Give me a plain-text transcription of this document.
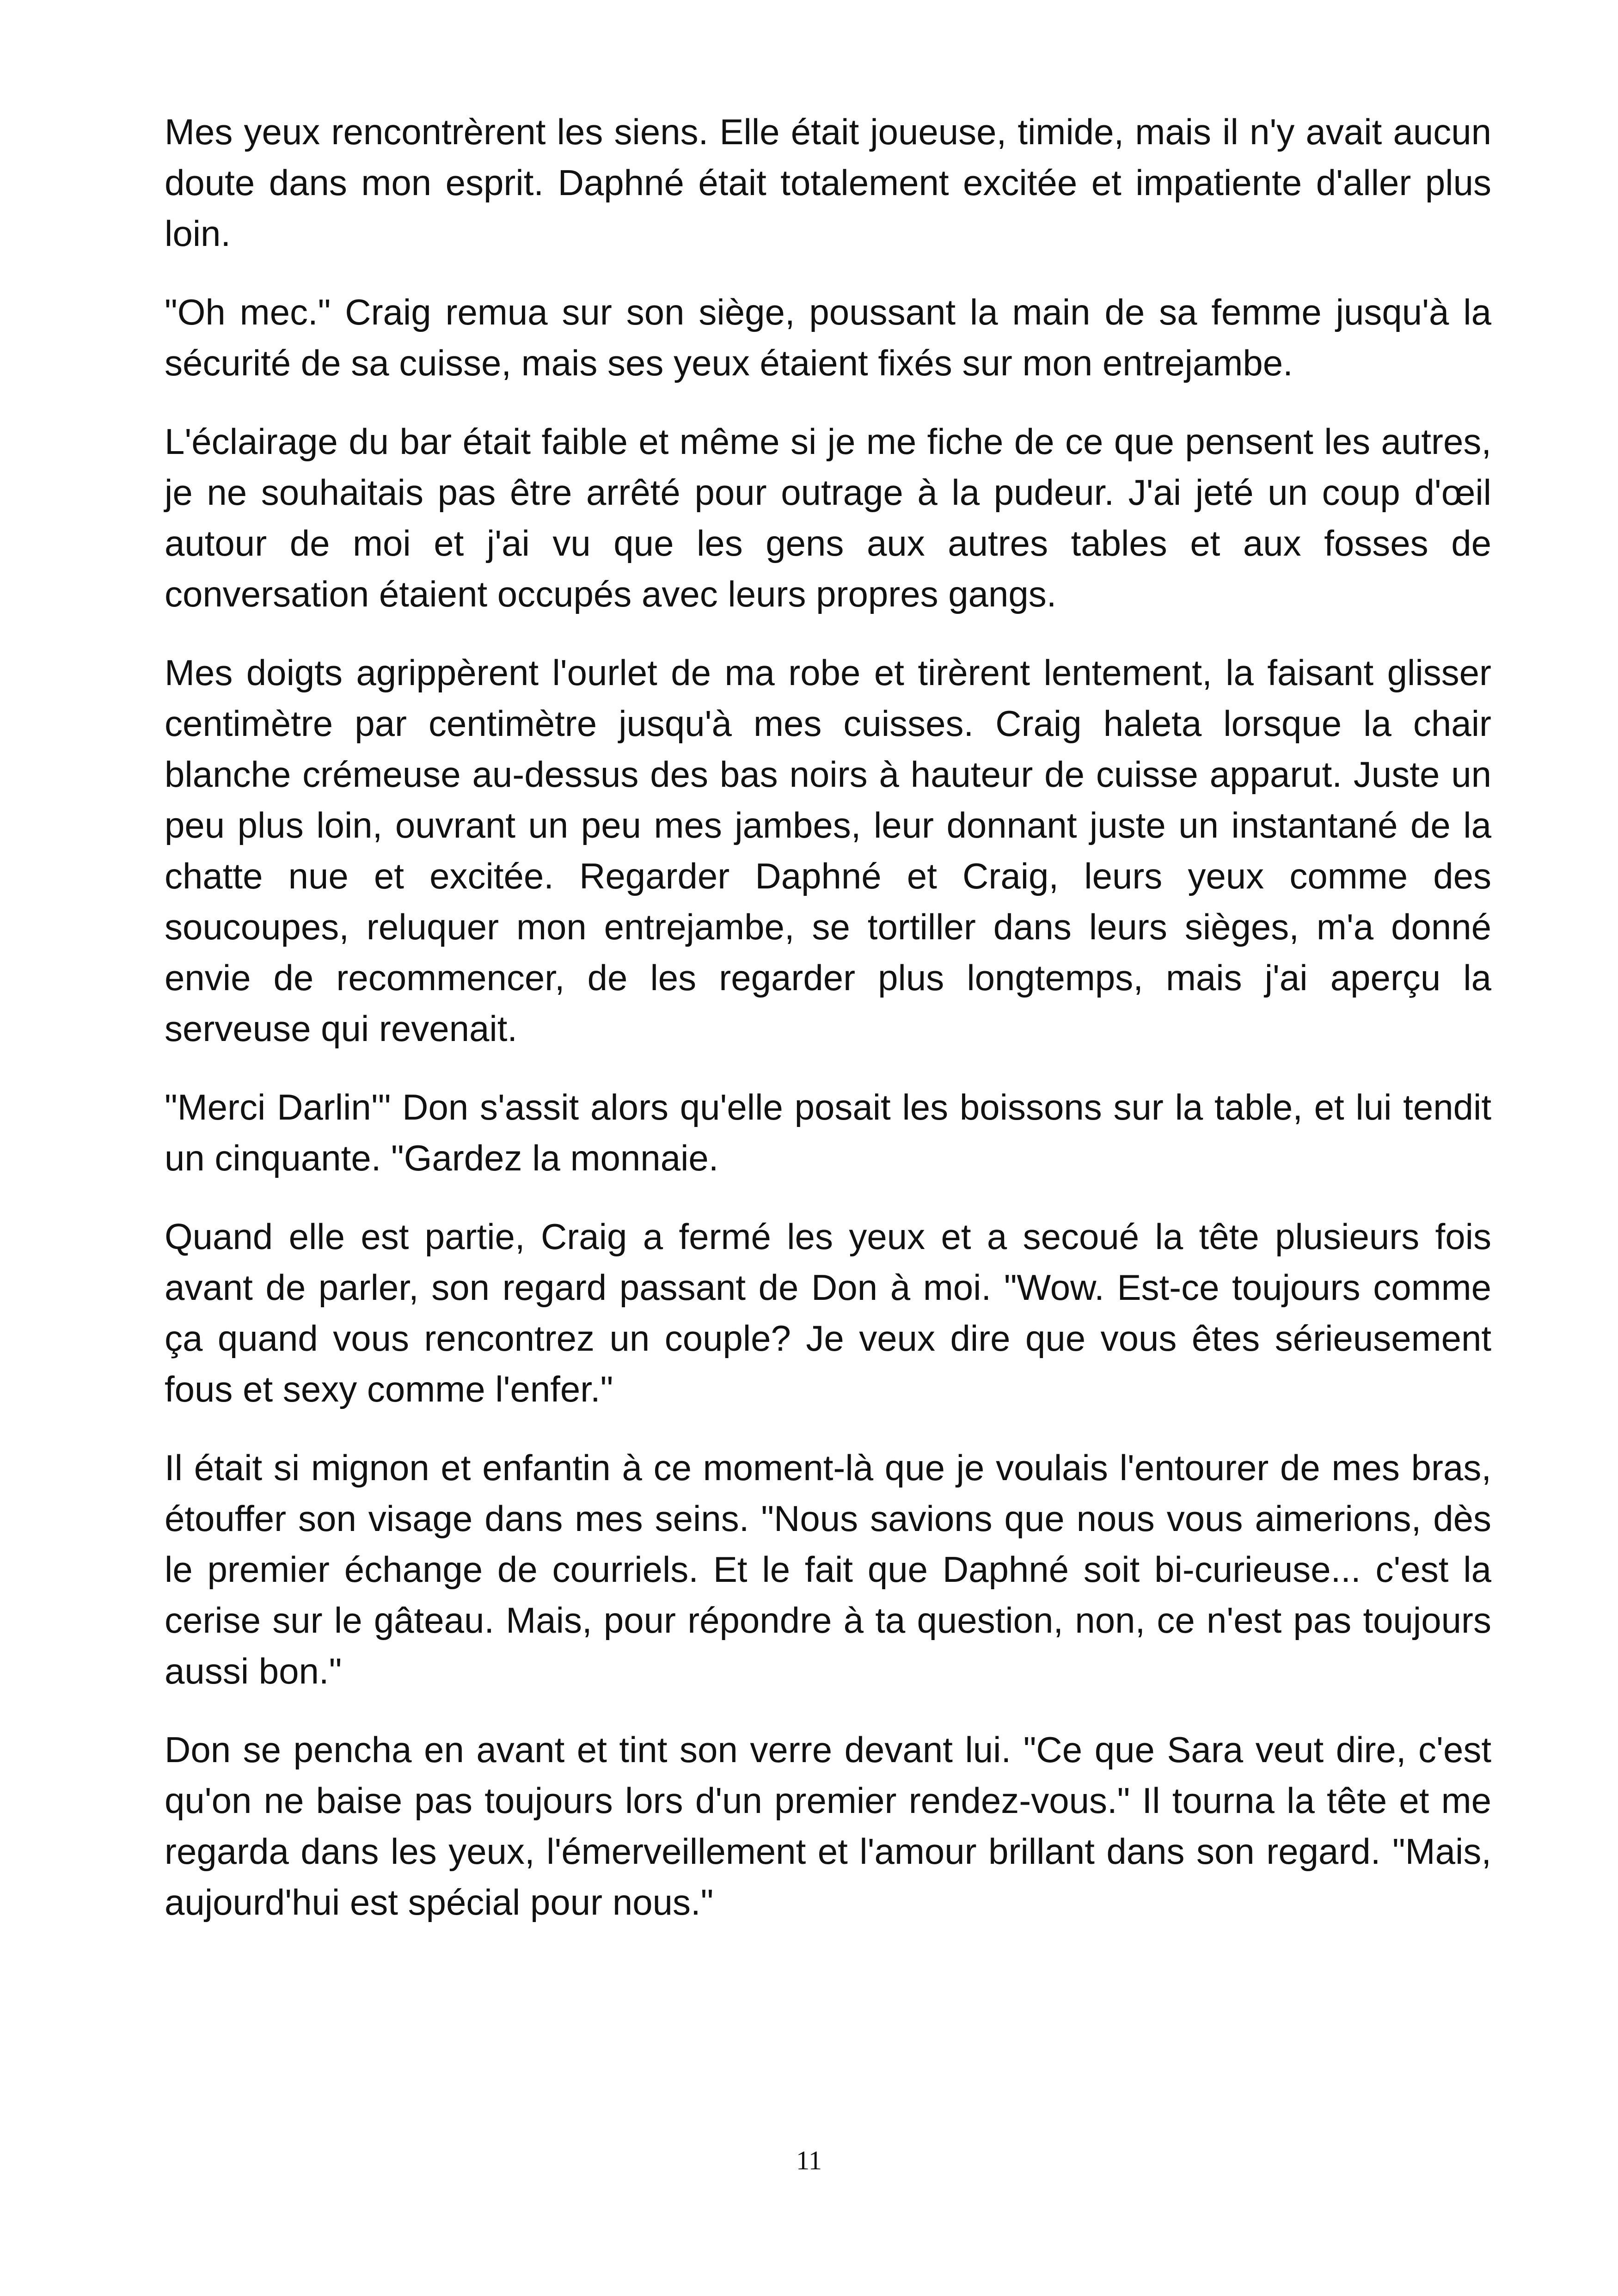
Mes yeux rencontrèrent les siens. Elle était joueuse, timide, mais il n'y avait aucun doute dans mon esprit. Daphné était totalement excitée et impatiente d'aller plus loin.

"Oh mec." Craig remua sur son siège, poussant la main de sa femme jusqu'à la sécurité de sa cuisse, mais ses yeux étaient fixés sur mon entrejambe.

L'éclairage du bar était faible et même si je me fiche de ce que pensent les autres, je ne souhaitais pas être arrêté pour outrage à la pudeur. J'ai jeté un coup d'œil autour de moi et j'ai vu que les gens aux autres tables et aux fosses de conversation étaient occupés avec leurs propres gangs.

Mes doigts agrippèrent l'ourlet de ma robe et tirèrent lentement, la faisant glisser centimètre par centimètre jusqu'à mes cuisses. Craig haleta lorsque la chair blanche crémeuse au-dessus des bas noirs à hauteur de cuisse apparut. Juste un peu plus loin, ouvrant un peu mes jambes, leur donnant juste un instantané de la chatte nue et excitée. Regarder Daphné et Craig, leurs yeux comme des soucoupes, reluquer mon entrejambe, se tortiller dans leurs sièges, m'a donné envie de recommencer, de les regarder plus longtemps, mais j'ai aperçu la serveuse qui revenait.

"Merci Darlin'" Don s'assit alors qu'elle posait les boissons sur la table, et lui tendit un cinquante. "Gardez la monnaie.

Quand elle est partie, Craig a fermé les yeux et a secoué la tête plusieurs fois avant de parler, son regard passant de Don à moi. "Wow. Est-ce toujours comme ça quand vous rencontrez un couple? Je veux dire que vous êtes sérieusement fous et sexy comme l'enfer."

Il était si mignon et enfantin à ce moment-là que je voulais l'entourer de mes bras, étouffer son visage dans mes seins. "Nous savions que nous vous aimerions, dès le premier échange de courriels. Et le fait que Daphné soit bi-curieuse... c'est la cerise sur le gâteau. Mais, pour répondre à ta question, non, ce n'est pas toujours aussi bon."

Don se pencha en avant et tint son verre devant lui. "Ce que Sara veut dire, c'est qu'on ne baise pas toujours lors d'un premier rendez-vous." Il tourna la tête et me regarda dans les yeux, l'émerveillement et l'amour brillant dans son regard. "Mais, aujourd'hui est spécial pour nous."

11
